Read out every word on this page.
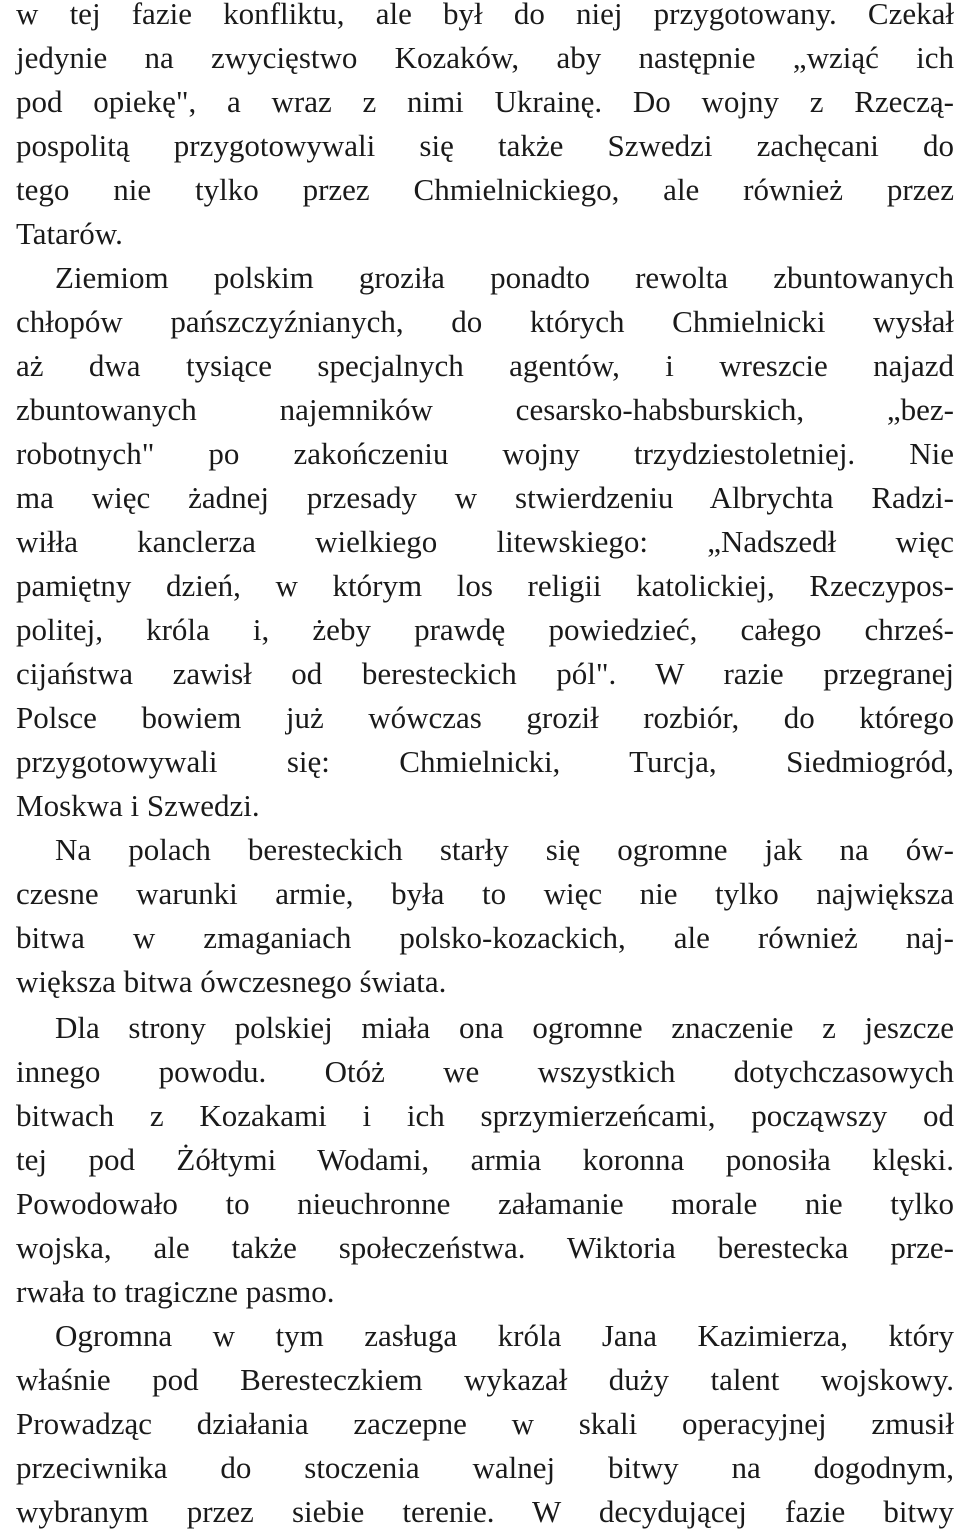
w tej fazie konfliktu, ale był do niej przygotowany. Czekał
jedynie na zwycięstwo Kozaków, aby następnie „wziąć ich
pod opiekę", a wraz z nimi Ukrainę. Do wojny z Rzeczą-
pospolitą przygotowywali się także Szwedzi zachęcani do
tego nie tylko przez Chmielnickiego, ale również przez
Tatarów.
Ziemiom polskim groziła ponadto rewolta zbuntowanych
chłopów pańszczyźnianych, do których Chmielnicki wysłał
aż dwa tysiące specjalnych agentów, i wreszcie najazd
zbuntowanych najemników cesarsko-habsburskich, „bez-
robotnych" po zakończeniu wojny trzydziestoletniej. Nie
ma więc żadnej przesady w stwierdzeniu Albrychta Radzi-
wiłła kanclerza wielkiego litewskiego: „Nadszedł więc
pamiętny dzień, w którym los religii katolickiej, Rzeczypos-
politej, króla i, żeby prawdę powiedzieć, całego chrześ-
cijaństwa zawisł od beresteckich pól". W razie przegranej
Polsce bowiem już wówczas groził rozbiór, do którego
przygotowywali się: Chmielnicki, Turcja, Siedmiogród,
Moskwa i Szwedzi.
Na polach beresteckich starły się ogromne jak na ów-
czesne warunki armie, była to więc nie tylko największa
bitwa w zmaganiach polsko-kozackich, ale również naj-
większa bitwa ówczesnego świata.
Dla strony polskiej miała ona ogromne znaczenie z jeszcze
innego powodu. Otóż we wszystkich dotychczasowych
bitwach z Kozakami i ich sprzymierzeńcami, począwszy od
tej pod Żółtymi Wodami, armia koronna ponosiła klęski.
Powodowało to nieuchronne załamanie morale nie tylko
wojska, ale także społeczeństwa. Wiktoria berestecka prze-
rwała to tragiczne pasmo.
Ogromna w tym zasługa króla Jana Kazimierza, który
właśnie pod Beresteczkiem wykazał duży talent wojskowy.
Prowadząc działania zaczepne w skali operacyjnej zmusił
przeciwnika do stoczenia walnej bitwy na dogodnym,
wybranym przez siebie terenie. W decydującej fazie bitwy
